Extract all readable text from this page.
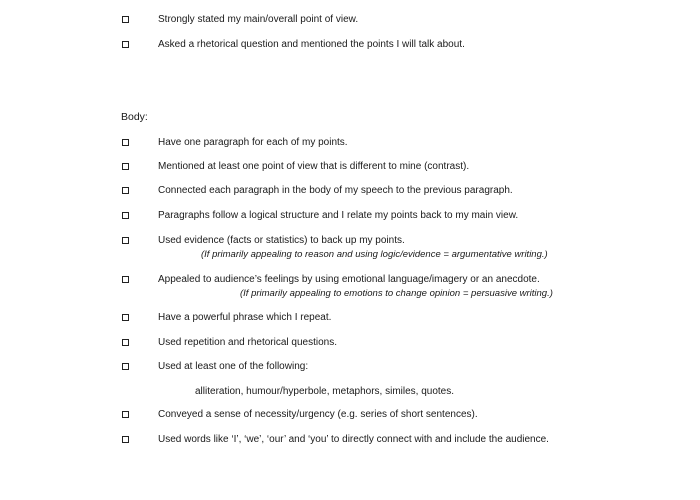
Strongly stated my main/overall point of view.
Asked a rhetorical question and mentioned the points I will talk about.
Body:
Have one paragraph for each of my points.
Mentioned at least one point of view that is different to mine (contrast).
Connected each paragraph in the body of my speech to the previous paragraph.
Paragraphs follow a logical structure and I relate my points back to my main view.
Used evidence (facts or statistics) to back up my points.
(If primarily appealing to reason and using logic/evidence = argumentative writing.)
Appealed to audience’s feelings by using emotional language/imagery or an anecdote.
(If primarily appealing to emotions to change opinion = persuasive writing.)
Have a powerful phrase which I repeat.
Used repetition and rhetorical questions.
Used at least one of the following:
alliteration, humour/hyperbole, metaphors, similes, quotes.
Conveyed a sense of necessity/urgency (e.g. series of short sentences).
Used words like ‘I’, ‘we’, ‘our’ and ‘you’ to directly connect with and include the audience.
